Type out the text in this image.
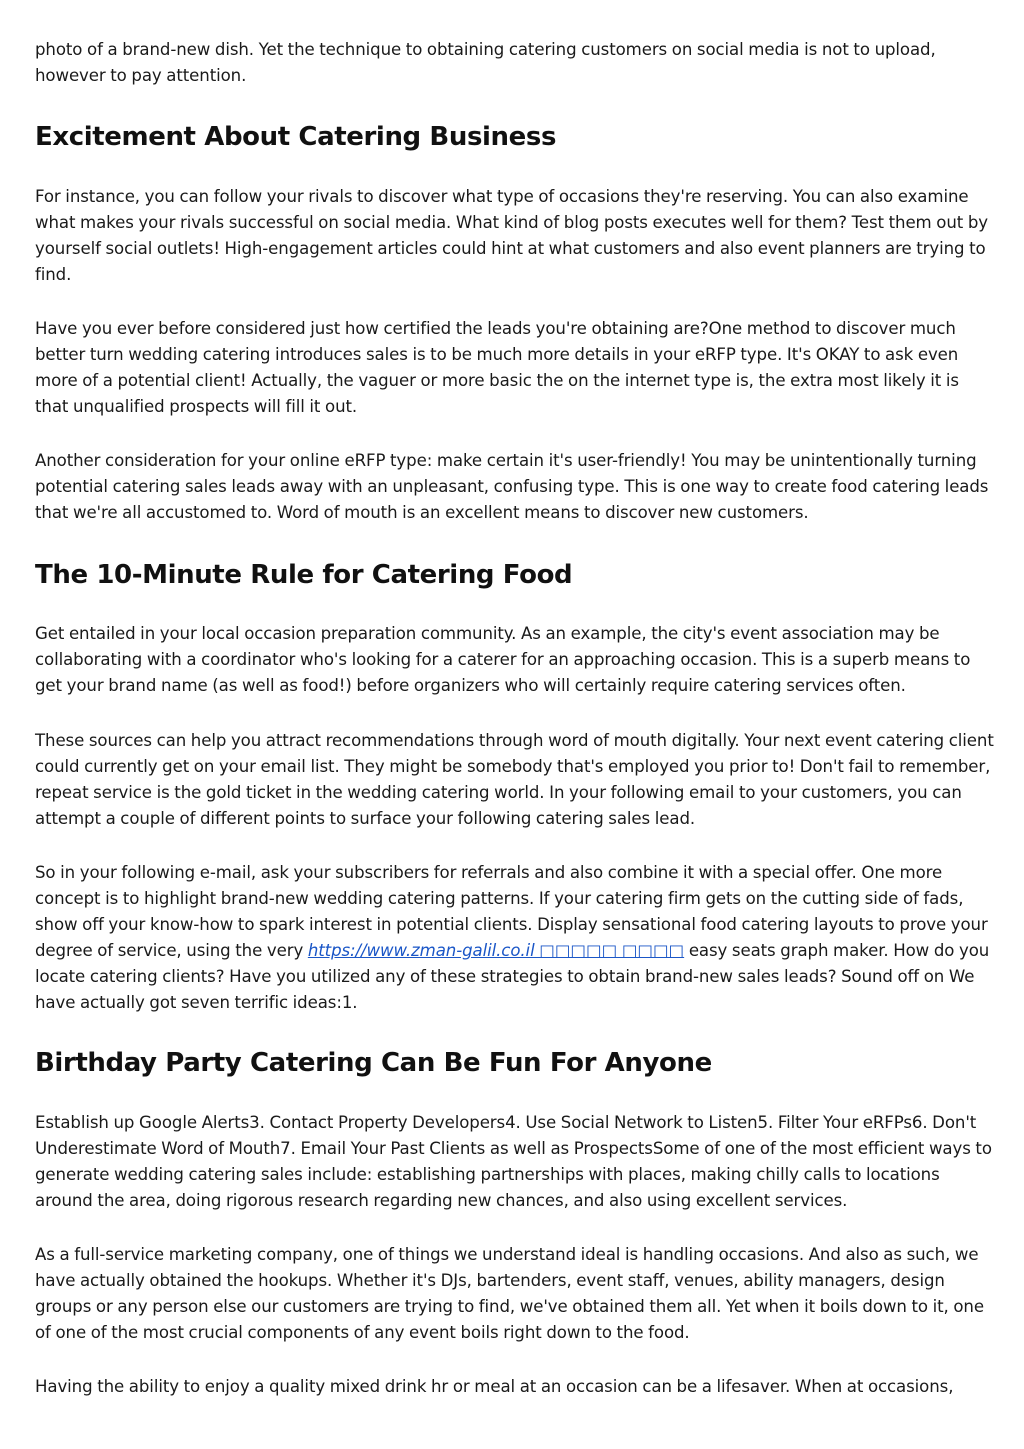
photo of a brand-new dish. Yet the technique to obtaining catering customers on social media is not to upload, however to pay attention.

Excitement About Catering Business

For instance, you can follow your rivals to discover what type of occasions they're reserving. You can also examine what makes your rivals successful on social media. What kind of blog posts executes well for them? Test them out by yourself social outlets! High-engagement articles could hint at what customers and also event planners are trying to find.

Have you ever before considered just how certified the leads you're obtaining are?One method to discover much better turn wedding catering introduces sales is to be much more details in your eRFP type. It's OKAY to ask even more of a potential client! Actually, the vaguer or more basic the on the internet type is, the extra most likely it is that unqualified prospects will fill it out.

Another consideration for your online eRFP type: make certain it's user-friendly! You may be unintentionally turning potential catering sales leads away with an unpleasant, confusing type. This is one way to create food catering leads that we're all accustomed to. Word of mouth is an excellent means to discover new customers.

The 10-Minute Rule for Catering Food

Get entailed in your local occasion preparation community. As an example, the city's event association may be collaborating with a coordinator who's looking for a caterer for an approaching occasion. This is a superb means to get your brand name (as well as food!) before organizers who will certainly require catering services often.

These sources can help you attract recommendations through word of mouth digitally. Your next event catering client could currently get on your email list. They might be somebody that's employed you prior to! Don't fail to remember, repeat service is the gold ticket in the wedding catering world. In your following email to your customers, you can attempt a couple of different points to surface your following catering sales lead.

So in your following e-mail, ask your subscribers for referrals and also combine it with a special offer. One more concept is to highlight brand-new wedding catering patterns. If your catering firm gets on the cutting side of fads, show off your know-how to spark interest in potential clients. Display sensational food catering layouts to prove your degree of service, using the very https://www.zman-galil.co.il □□□□□ □□□□ easy seats graph maker. How do you locate catering clients? Have you utilized any of these strategies to obtain brand-new sales leads? Sound off on We have actually got seven terrific ideas:1.

Birthday Party Catering Can Be Fun For Anyone

Establish up Google Alerts3. Contact Property Developers4. Use Social Network to Listen5. Filter Your eRFPs6. Don't Underestimate Word of Mouth7. Email Your Past Clients as well as ProspectsSome of one of the most efficient ways to generate wedding catering sales include: establishing partnerships with places, making chilly calls to locations around the area, doing rigorous research regarding new chances, and also using excellent services.

As a full-service marketing company, one of things we understand ideal is handling occasions. And also as such, we have actually obtained the hookups. Whether it's DJs, bartenders, event staff, venues, ability managers, design groups or any person else our customers are trying to find, we've obtained them all. Yet when it boils down to it, one of one of the most crucial components of any event boils right down to the food.

Having the ability to enjoy a quality mixed drink hr or meal at an occasion can be a lifesaver. When at occasions,
